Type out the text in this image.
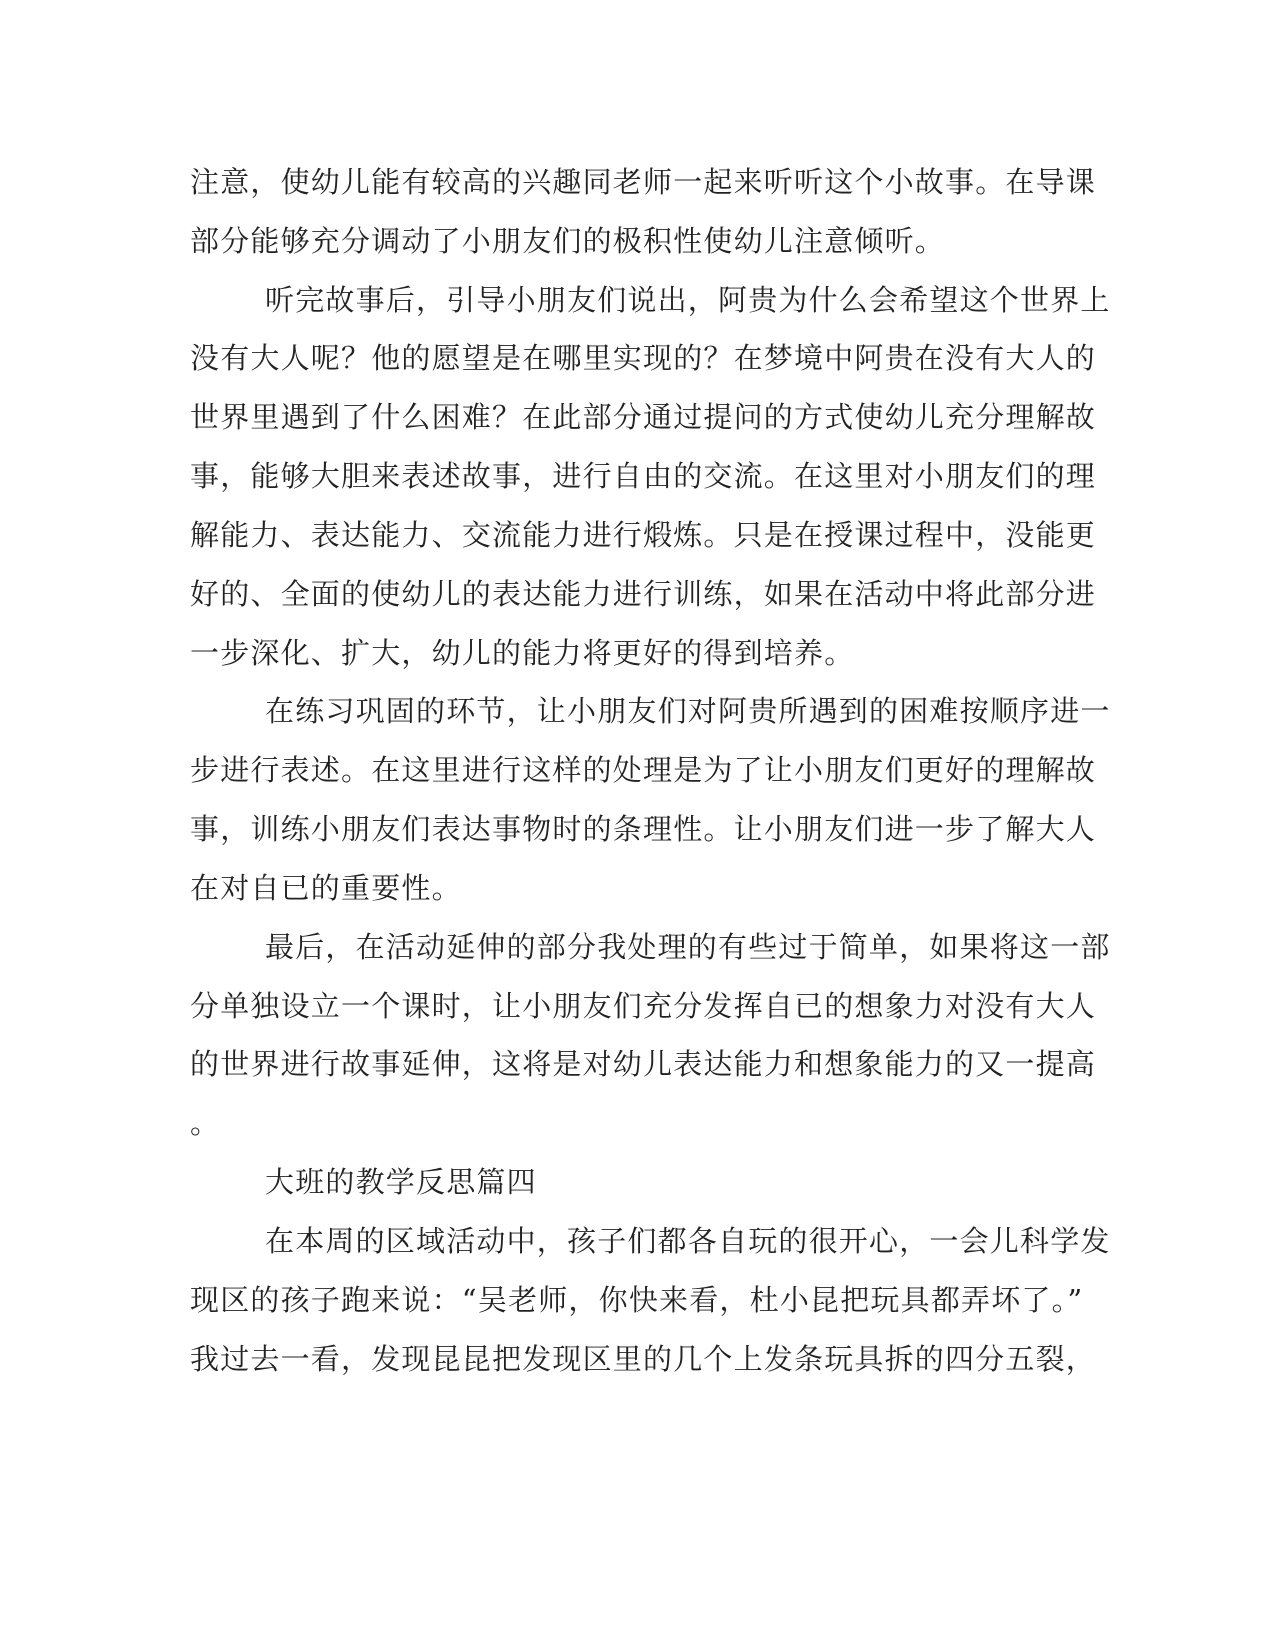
注意，使幼儿能有较高的兴趣同老师一起来听听这个小故事。在导课
部分能够充分调动了小朋友们的极积性使幼儿注意倾听。
听完故事后，引导小朋友们说出，阿贵为什么会希望这个世界上
没有大人呢？他的愿望是在哪里实现的？在梦境中阿贵在没有大人的
世界里遇到了什么困难？在此部分通过提问的方式使幼儿充分理解故
事，能够大胆来表述故事，进行自由的交流。在这里对小朋友们的理
解能力、表达能力、交流能力进行煅炼。只是在授课过程中，没能更
好的、全面的使幼儿的表达能力进行训练，如果在活动中将此部分进
一步深化、扩大，幼儿的能力将更好的得到培养。
在练习巩固的环节，让小朋友们对阿贵所遇到的困难按顺序进一
步进行表述。在这里进行这样的处理是为了让小朋友们更好的理解故
事，训练小朋友们表达事物时的条理性。让小朋友们进一步了解大人
在对自已的重要性。
最后，在活动延伸的部分我处理的有些过于简单，如果将这一部
分单独设立一个课时，让小朋友们充分发挥自已的想象力对没有大人
的世界进行故事延伸，这将是对幼儿表达能力和想象能力的又一提高
。
大班的教学反思篇四
在本周的区域活动中，孩子们都各自玩的很开心，一会儿科学发
现区的孩子跑来说：“吴老师，你快来看，杜小昆把玩具都弄坏了。”
我过去一看，发现昆昆把发现区里的几个上发条玩具拆的四分五裂，
